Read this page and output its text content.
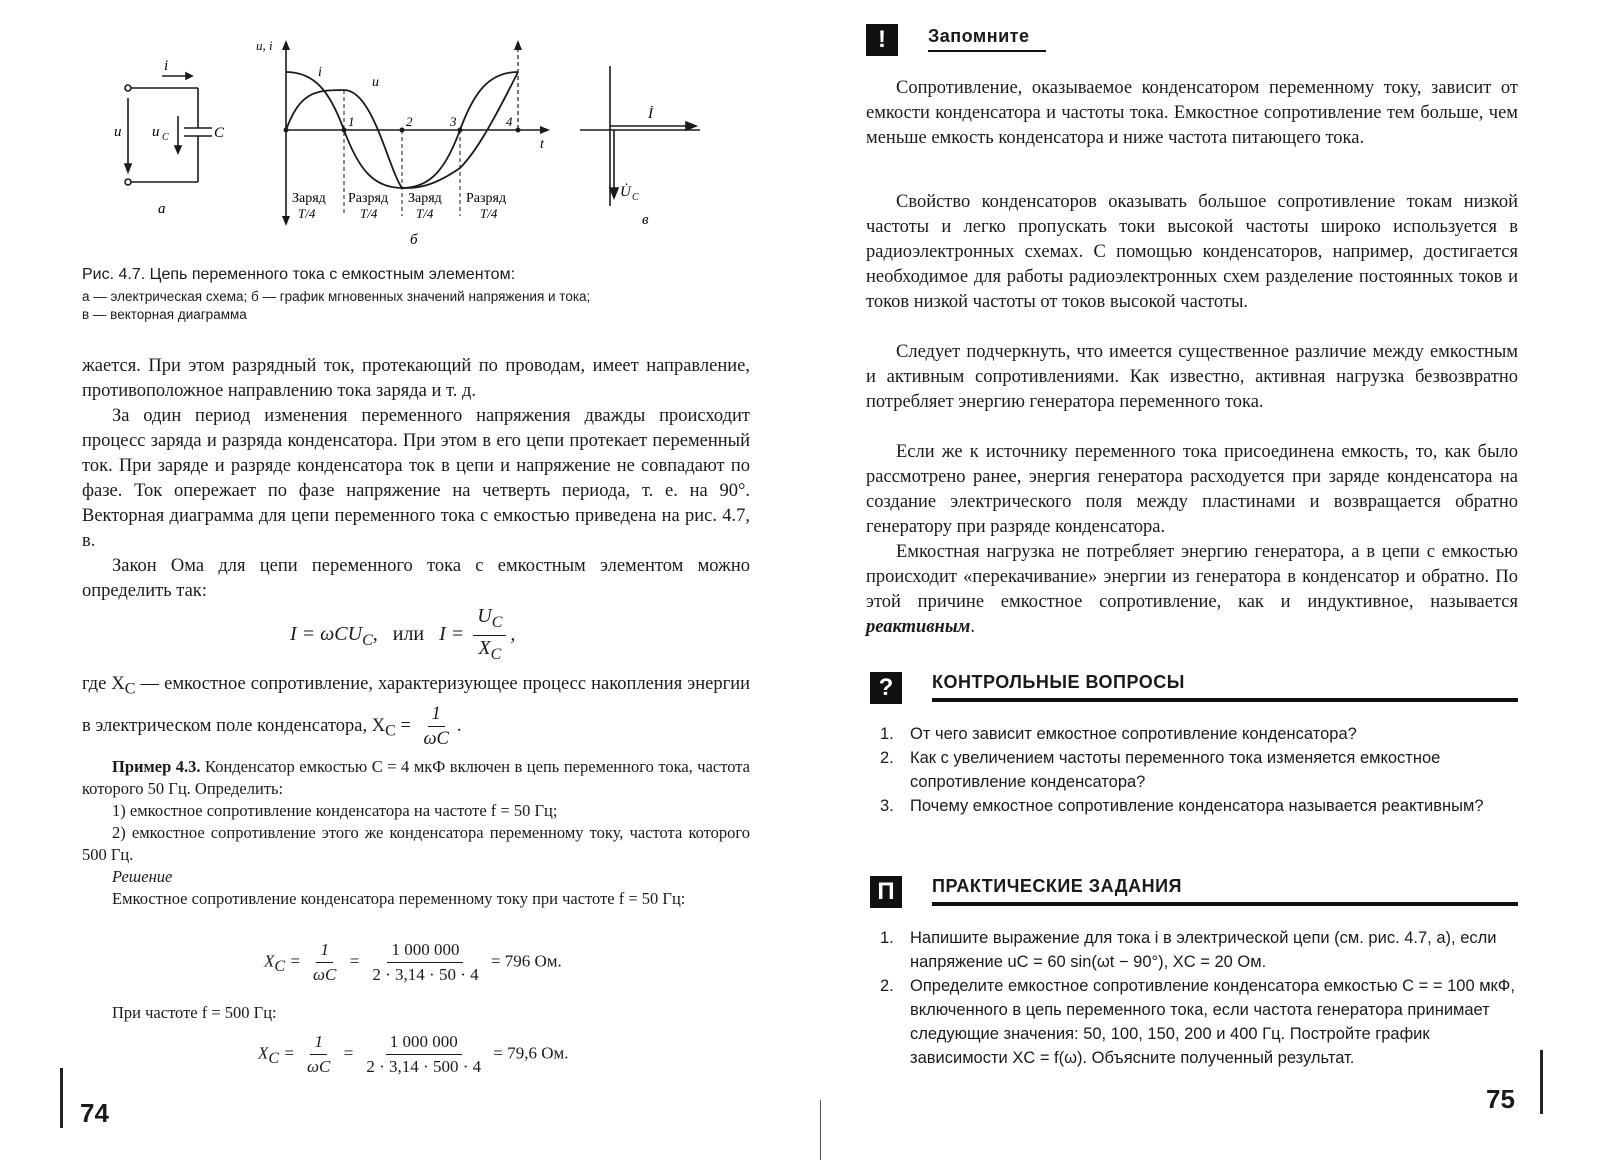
i
u u C	C
а
u, i
i
u
t
1	2	3	4
Заряд
T/4
Разряд
T/4
Заряд
T/4
Разряд
T/4
б
İ
U̇ C
в
Рис. 4.7. Цепь переменного тока с емкостным элементом:
а — электрическая схема; б — график мгновенных значений напряжения и тока;
в — векторная диаграмма
жается. При этом разрядный ток, протекающий по проводам, имеет направление, противоположное направлению тока заряда и т. д.
За один период изменения переменного напряжения дважды происходит процесс заряда и разряда конденсатора. При этом в его цепи протекает переменный ток. При заряде и разряде конденсатора ток в цепи и напряжение не совпадают по фазе. Ток опережает по фазе напряжение на четверть периода, т. е. на 90°. Векторная диаграмма для цепи переменного тока с емкостью приведена на рис. 4.7, в.
Закон Ома для цепи переменного тока с емкостным элементом можно определить так:
I = ωCU$_C$, или $I = \frac{U_C}{X_C}$ ,
где $X_C$ — емкостное сопротивление, характеризующее процесс накопления энергии в электрическом поле конденсатора, $X_C = \frac{1}{\omega C}$ .
Пример 4.3. Конденсатор емкостью C = 4 мкФ включен в цепь переменного тока, частота которого 50 Гц. Определить:
1) емкостное сопротивление конденсатора на частоте f = 50 Гц;
2) емкостное сопротивление этого же конденсатора переменному току, частота которого 500 Гц.
Решение
Емкостное сопротивление конденсатора переменному току при частоте f = 50 Гц:
$X_C = \frac{1}{\omega C} = \frac{1 000 000}{2 \cdot 3,14 \cdot 50 \cdot 4} = 796$ Ом.
При частоте f = 500 Гц:
$X_C = \frac{1}{\omega C} = \frac{1 000 000}{2 \cdot 3,14 \cdot 500 \cdot 4} = 79,6$ Ом.
74
!	Запомните
Сопротивление, оказываемое конденсатором переменному току, зависит от емкости конденсатора и частоты тока. Емкостное сопротивление тем больше, чем меньше емкость конденсатора и ниже частота питающего тока.
Свойство конденсаторов оказывать большое сопротивление токам низкой частоты и легко пропускать токи высокой частоты широко используется в радиоэлектронных схемах. С помощью конденсаторов, например, достигается необходимое для работы радиоэлектронных схем разделение постоянных токов и токов низкой частоты от токов высокой частоты.
Следует подчеркнуть, что имеется существенное различие между емкостным и активным сопротивлениями. Как известно, активная нагрузка безвозвратно потребляет энергию генератора переменного тока.
Если же к источнику переменного тока присоединена емкость, то, как было рассмотрено ранее, энергия генератора расходуется при заряде конденсатора на создание электрического поля между пластинами и возвращается обратно генератору при разряде конденсатора.
Емкостная нагрузка не потребляет энергию генератора, а в цепи с емкостью происходит «перекачивание» энергии из генератора в конденсатор и обратно. По этой причине емкостное сопротивление, как и индуктивное, называется реактивным.
?	КОНТРОЛЬНЫЕ ВОПРОСЫ
1. От чего зависит емкостное сопротивление конденсатора?
2. Как с увеличением частоты переменного тока изменяется емкостное сопротивление конденсатора?
3. Почему емкостное сопротивление конденсатора называется реактивным?
П	ПРАКТИЧЕСКИЕ ЗАДАНИЯ
1. Напишите выражение для тока i в электрической цепи (см. рис. 4.7, а), если напряжение uC = 60 sin(ωt − 90°), XC = 20 Ом.
2. Определите емкостное сопротивление конденсатора емкостью C = = 100 мкФ, включенного в цепь переменного тока, если частота генератора принимает следующие значения: 50, 100, 150, 200 и 400 Гц. Постройте график зависимости XC = f(ω). Объясните полученный результат.
75
